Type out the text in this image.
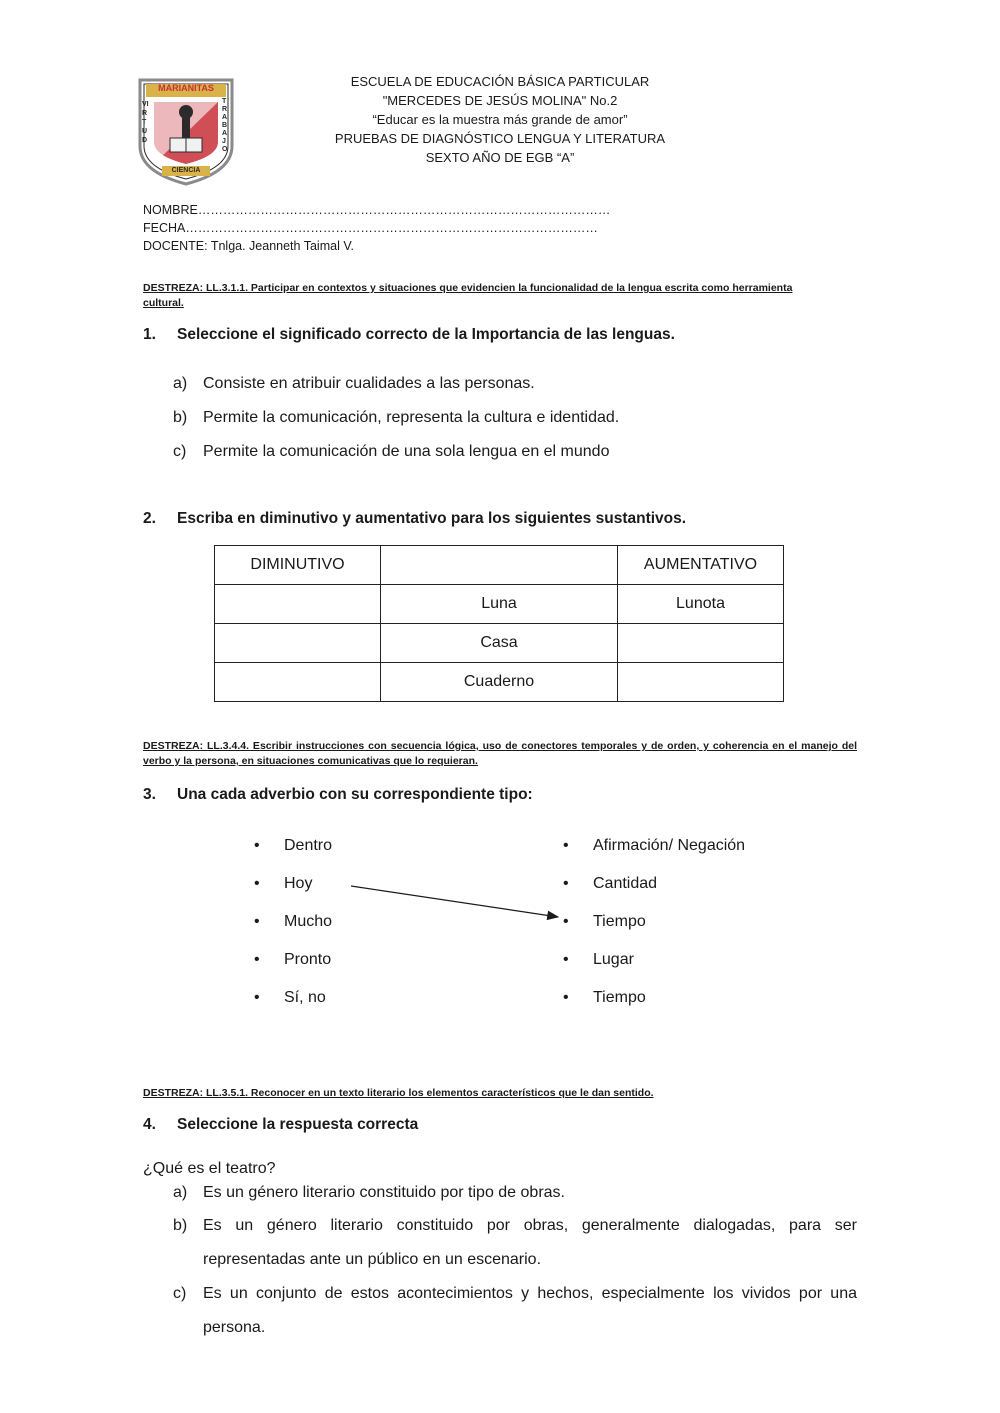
MARIANITAS
VIRTUD
TRABAJO
CIENCIA
ESCUELA DE EDUCACIÓN BÁSICA PARTICULAR
"MERCEDES DE JESÚS MOLINA" No.2
“Educar es la muestra más grande de amor”
PRUEBAS DE DIAGNÓSTICO LENGUA Y LITERATURA
SEXTO AÑO DE EGB “A”
NOMBRE………………………………………………………………………………………
FECHA………………………………………………………………………………………
DOCENTE: Tnlga. Jeanneth Taimal V.
DESTREZA: LL.3.1.1. Participar en contextos y situaciones que evidencien la funcionalidad de la lengua escrita como herramienta cultural.
1. Seleccione el significado correcto de la Importancia de las lenguas.
a) Consiste en atribuir cualidades a las personas.
b) Permite la comunicación, representa la cultura e identidad.
c) Permite la comunicación de una sola lengua en el mundo
2. Escriba en diminutivo y aumentativo para los siguientes sustantivos.
DIMINUTIVO		AUMENTATIVO
	Luna	Lunota
	Casa	
	Cuaderno	
DESTREZA: LL.3.4.4. Escribir instrucciones con secuencia lógica, uso de conectores temporales y de orden, y coherencia en el manejo del verbo y la persona, en situaciones comunicativas que lo requieran.
3. Una cada adverbio con su correspondiente tipo:
• Dentro
• Hoy
• Mucho
• Pronto
• Sí, no
• Afirmación/ Negación
• Cantidad
• Tiempo
• Lugar
• Tiempo
DESTREZA: LL.3.5.1. Reconocer en un texto literario los elementos característicos que le dan sentido.
4. Seleccione la respuesta correcta
¿Qué es el teatro?
a) Es un género literario constituido por tipo de obras.
b) Es un género literario constituido por obras, generalmente dialogadas, para ser representadas ante un público en un escenario.
c) Es un conjunto de estos acontecimientos y hechos, especialmente los vividos por una persona.
